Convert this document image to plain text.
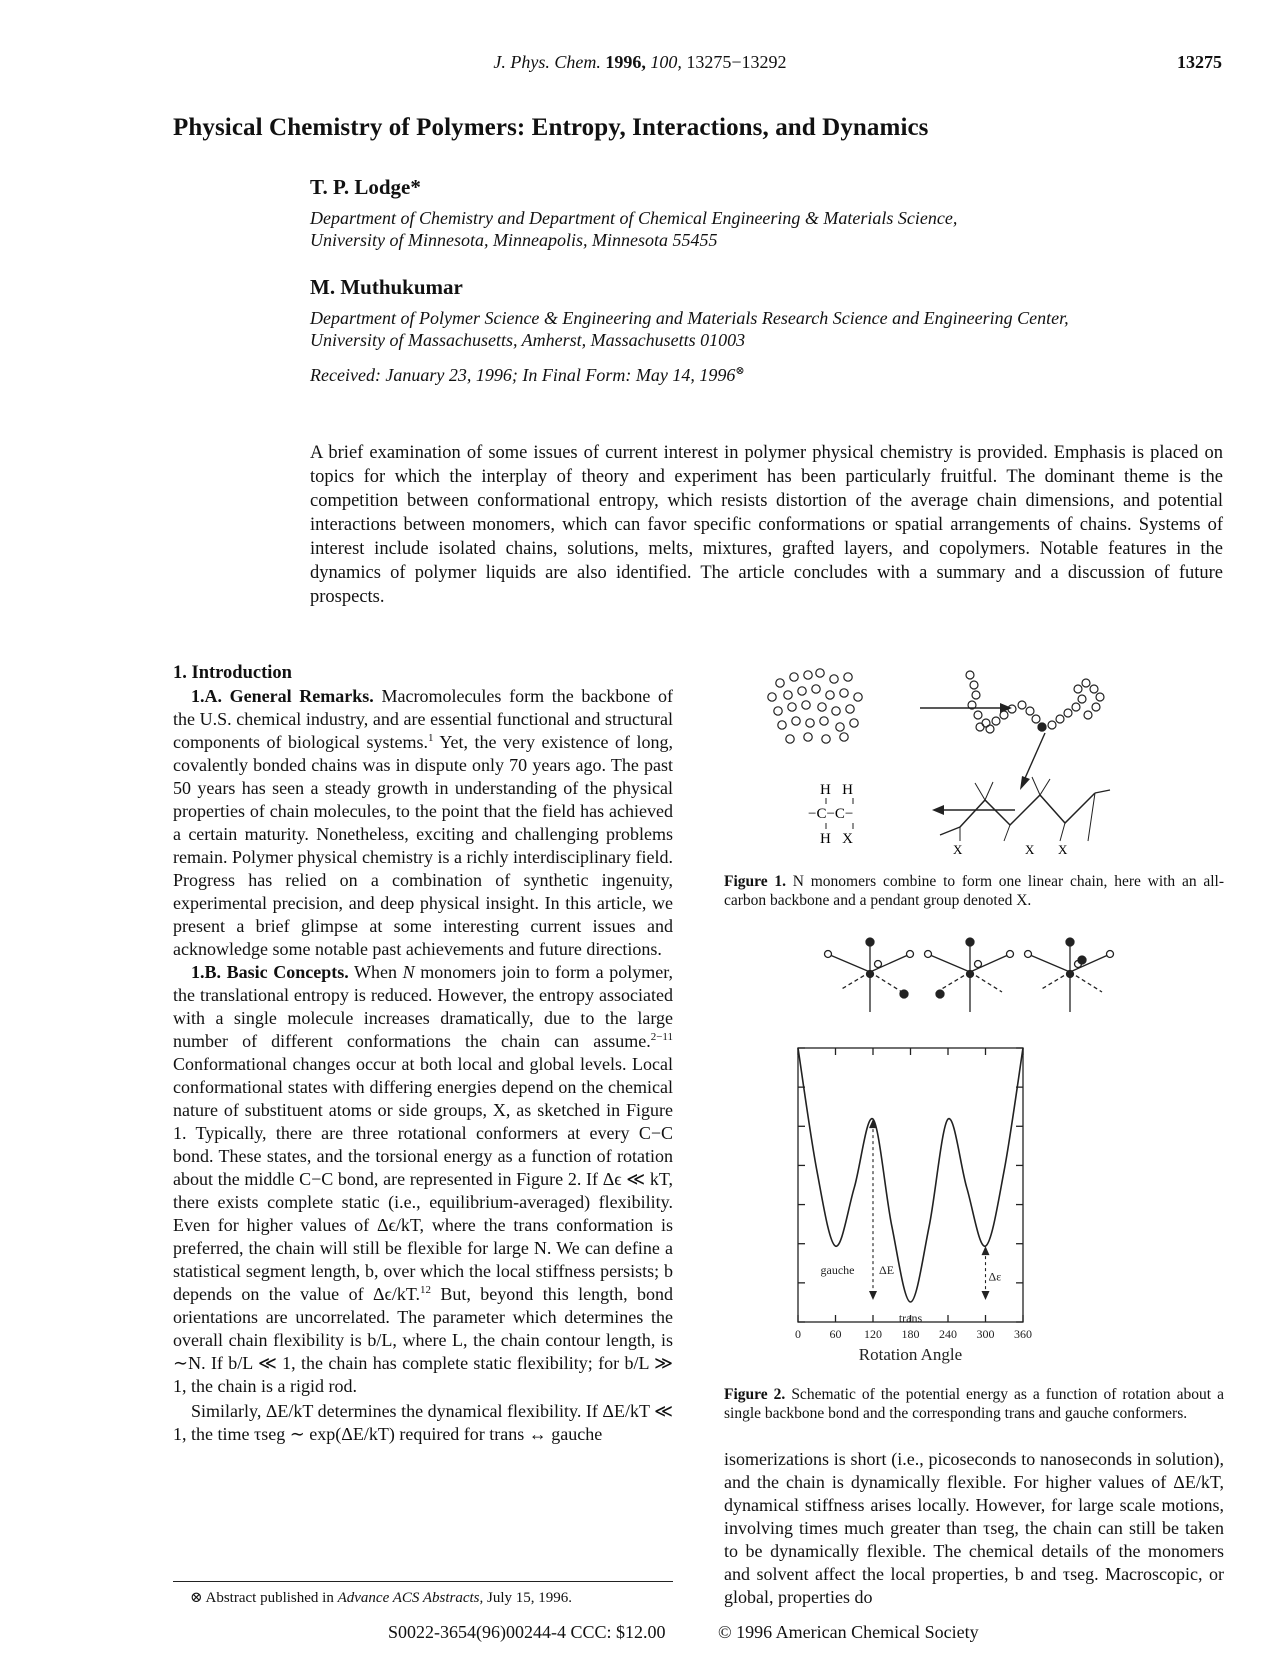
J. Phys. Chem. 1996, 100, 13275−13292	13275
Physical Chemistry of Polymers: Entropy, Interactions, and Dynamics
T. P. Lodge*
Department of Chemistry and Department of Chemical Engineering & Materials Science,
University of Minnesota, Minneapolis, Minnesota 55455
M. Muthukumar
Department of Polymer Science & Engineering and Materials Research Science and Engineering Center,
University of Massachusetts, Amherst, Massachusetts 01003
Received: January 23, 1996; In Final Form: May 14, 1996⊗
A brief examination of some issues of current interest in polymer physical chemistry is provided. Emphasis is placed on topics for which the interplay of theory and experiment has been particularly fruitful. The dominant theme is the competition between conformational entropy, which resists distortion of the average chain dimensions, and potential interactions between monomers, which can favor specific conformations or spatial arrangements of chains. Systems of interest include isolated chains, solutions, melts, mixtures, grafted layers, and copolymers. Notable features in the dynamics of polymer liquids are also identified. The article concludes with a summary and a discussion of future prospects.

1. Introduction

1.A. General Remarks. Macromolecules form the backbone of the U.S. chemical industry, and are essential functional and structural components of biological systems.$^1$ Yet, the very existence of long, covalently bonded chains was in dispute only 70 years ago. The past 50 years has seen a steady growth in understanding of the physical properties of chain molecules, to the point that the field has achieved a certain maturity. Nonetheless, exciting and challenging problems remain. Polymer physical chemistry is a richly interdisciplinary field. Progress has relied on a combination of synthetic ingenuity, experimental precision, and deep physical insight. In this article, we present a brief glimpse at some interesting current issues and acknowledge some notable past achievements and future directions.

1.B. Basic Concepts. When N monomers join to form a polymer, the translational entropy is reduced. However, the entropy associated with a single molecule increases dramatically, due to the large number of different conformations the chain can assume.$^{2-11}$ Conformational changes occur at both local and global levels. Local conformational states with differing energies depend on the chemical nature of substituent atoms or side groups, X, as sketched in Figure 1. Typically, there are three rotational conformers at every C−C bond. These states, and the torsional energy as a function of rotation about the middle C−C bond, are represented in Figure 2. If Δϵ ≪ kT, there exists complete static (i.e., equilibrium-averaged) flexibility. Even for higher values of Δϵ/kT, where the trans conformation is preferred, the chain will still be flexible for large N. We can define a statistical segment length, b, over which the local stiffness persists; b depends on the value of Δϵ/kT.$^{12}$ But, beyond this length, bond orientations are uncorrelated. The parameter which determines the overall chain flexibility is b/L, where L, the chain contour length, is ∼N. If b/L ≪ 1, the chain has complete static flexibility; for b/L ≫ 1, the chain is a rigid rod.

Similarly, ΔE/kT determines the dynamical flexibility. If ΔE/kT ≪ 1, the time τseg ∼ exp(ΔE/kT) required for trans ↔ gauche

⊗ Abstract published in Advance ACS Abstracts, July 15, 1996.
S0022-3654(96)00244-4 CCC: $12.00	© 1996 American Chemical Society
H   H
−C−C−
H   X
X	X X
Figure 1. N monomers combine to form one linear chain, here with an all-carbon backbone and a pendant group denoted X.
0 60 120 180 240 300 360
gauche
trans
ΔE	Δε
Rotation Angle
Figure 2. Schematic of the potential energy as a function of rotation about a single backbone bond and the corresponding trans and gauche conformers.
isomerizations is short (i.e., picoseconds to nanoseconds in solution), and the chain is dynamically flexible. For higher values of ΔE/kT, dynamical stiffness arises locally. However, for large scale motions, involving times much greater than τseg, the chain can still be taken to be dynamically flexible. The chemical details of the monomers and solvent affect the local properties, b and τseg. Macroscopic, or global, properties do
